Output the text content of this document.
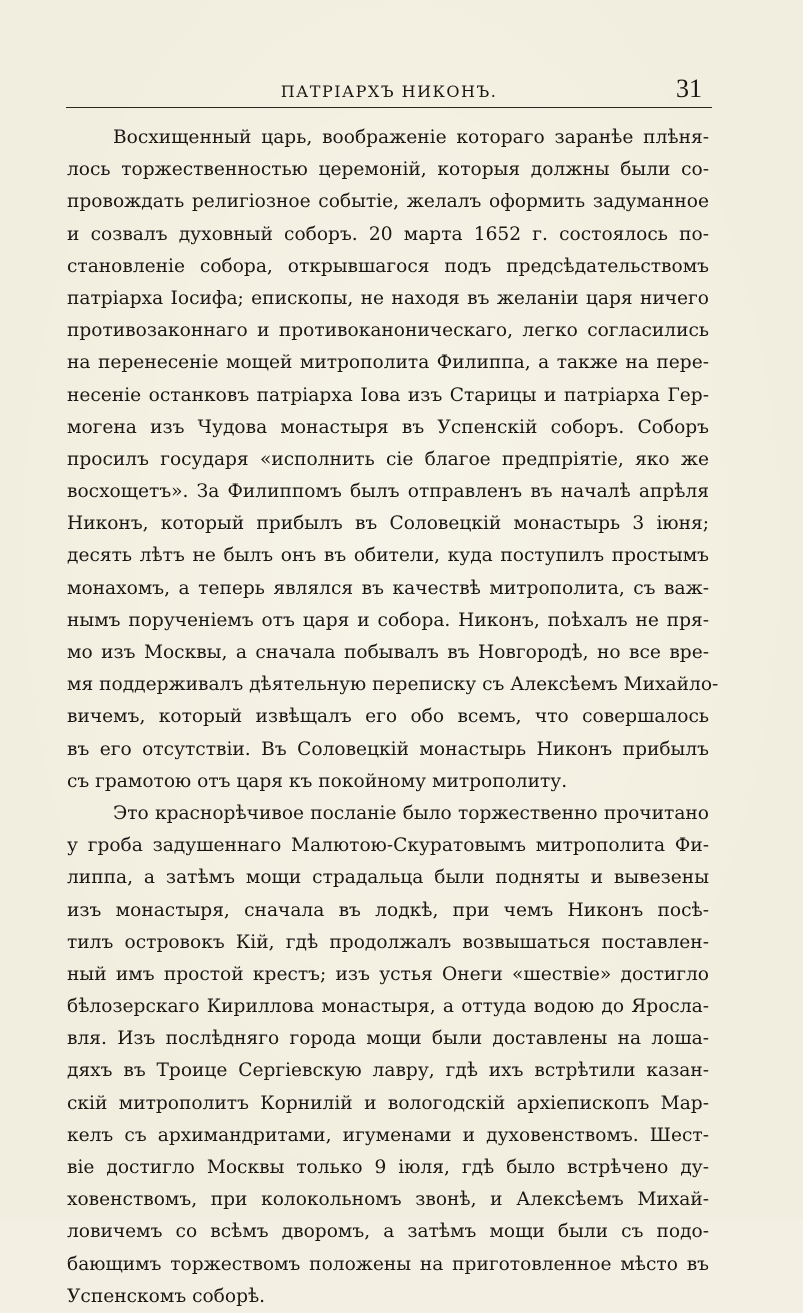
ПАТРІАРХЪ НИКОНЪ.	31
Восхищенный царь, воображеніе котораго заранѣе плѣня-
лось торжественностью церемоній, которыя должны были со-
провождать религіозное событіе, желалъ оформить задуманное
и созвалъ духовный соборъ. 20 марта 1652 г. состоялось по-
становленіе собора, открывшагося подъ предсѣдательствомъ
патріарха Іосифа; епископы, не находя въ желаніи царя ничего
противозаконнаго и противоканоническаго, легко согласились
на перенесеніе мощей митрополита Филиппа, а также на пере-
несеніе останковъ патріарха Іова изъ Старицы и патріарха Гер-
могена изъ Чудова монастыря въ Успенскій соборъ. Соборъ
просилъ государя «исполнить сіе благое предпріятіе, яко же
восхощетъ». За Филиппомъ былъ отправленъ въ началѣ апрѣля
Никонъ, который прибылъ въ Соловецкій монастырь 3 іюня;
десять лѣтъ не былъ онъ въ обители, куда поступилъ простымъ
монахомъ, а теперь являлся въ качествѣ митрополита, съ важ-
нымъ порученіемъ отъ царя и собора. Никонъ, поѣхалъ не пря-
мо изъ Москвы, а сначала побывалъ въ Новгородѣ, но все вре-
мя поддерживалъ дѣятельную переписку съ Алексѣемъ Михайло-
вичемъ, который извѣщалъ его обо всемъ, что совершалось
въ его отсутствіи. Въ Соловецкій монастырь Никонъ прибылъ
съ грамотою отъ царя къ покойному митрополиту.
Это краснорѣчивое посланіе было торжественно прочитано
у гроба задушеннаго Малютою-Скуратовымъ митрополита Фи-
липпа, а затѣмъ мощи страдальца были подняты и вывезены
изъ монастыря, сначала въ лодкѣ, при чемъ Никонъ посѣ-
тилъ островокъ Кій, гдѣ продолжалъ возвышаться поставлен-
ный имъ простой крестъ; изъ устья Онеги «шествіе» достигло
бѣлозерскаго Кириллова монастыря, а оттуда водою до Яросла-
вля. Изъ послѣдняго города мощи были доставлены на лоша-
дяхъ въ Троице Сергіевскую лавру, гдѣ ихъ встрѣтили казан-
скій митрополитъ Корнилій и вологодскій архіепископъ Мар-
келъ съ архимандритами, игуменами и духовенствомъ. Шест-
віе достигло Москвы только 9 іюля, гдѣ было встрѣчено ду-
ховенствомъ, при колокольномъ звонѣ, и Алексѣемъ Михай-
ловичемъ со всѣмъ дворомъ, а затѣмъ мощи были съ подо-
бающимъ торжествомъ положены на приготовленное мѣсто въ
Успенскомъ соборѣ.
